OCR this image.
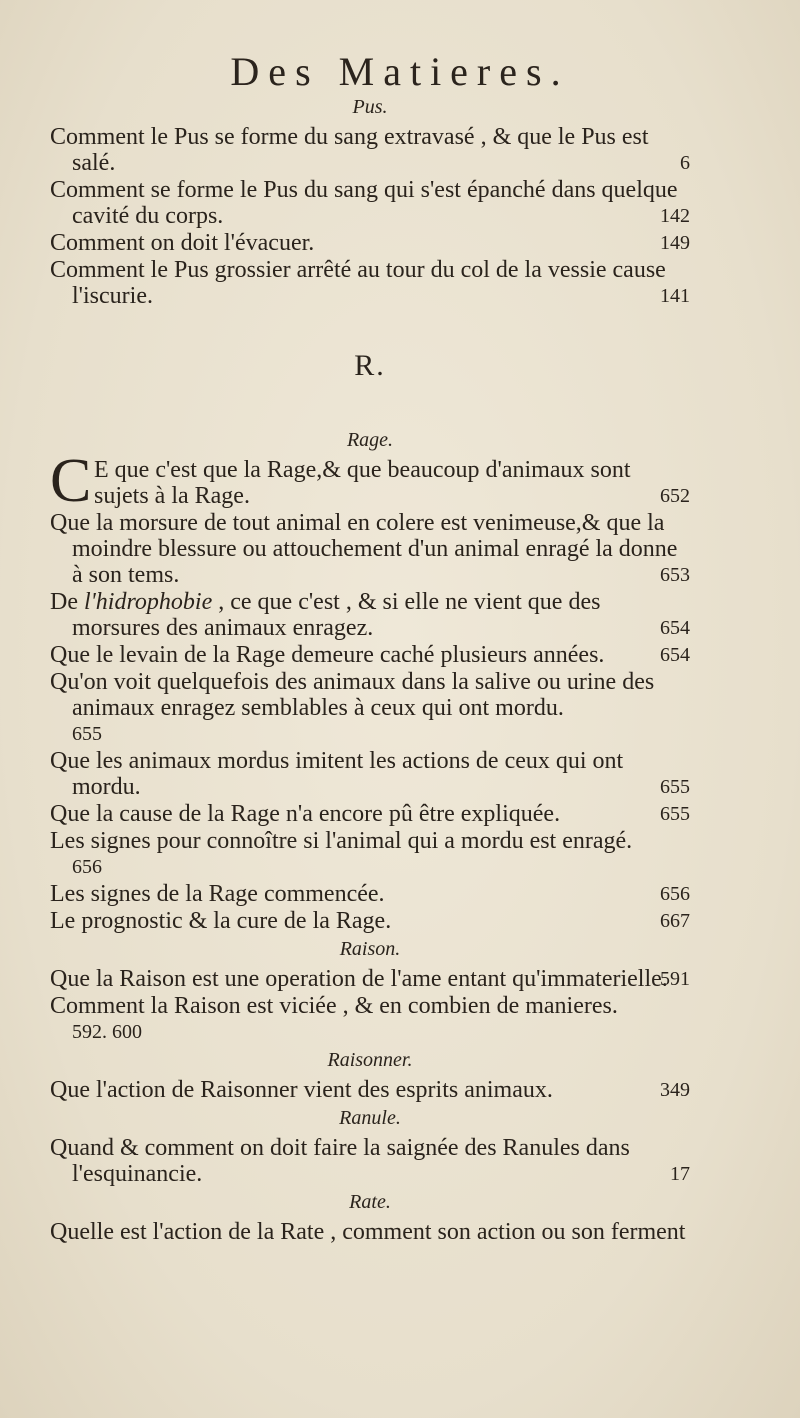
Des Matieres.
Pus.
Comment le Pus se forme du sang extravasé , & que le Pus est salé.	6
Comment se forme le Pus du sang qui s'est épanché dans quelque cavité du corps.	142
Comment on doit l'évacuer.	149
Comment le Pus grossier arrêté au tour du col de la vessie cause l'iscurie.	141
R.
Rage.
C E que c'est que la Rage,& que beaucoup d'animaux sont sujets à la Rage.	652
Que la morsure de tout animal en colere est venimeuse,& que la moindre blessure ou attouchement d'un animal enragé la donne à son tems.	653
De l'hidrophobie , ce que c'est , & si elle ne vient que des morsures des animaux enragez.	654
Que le levain de la Rage demeure caché plusieurs années.	654
Qu'on voit quelquefois des animaux dans la salive ou urine des animaux enragez semblables à ceux qui ont mordu.
655
Que les animaux mordus imitent les actions de ceux qui ont mordu.	655
Que la cause de la Rage n'a encore pû être expliquée.	655
Les signes pour connoître si l'animal qui a mordu est enragé.
656
Les signes de la Rage commencée.	656
Le prognostic & la cure de la Rage.	667
Raison.
Que la Raison est une operation de l'ame entant qu'immaterielle.
591
Comment la Raison est viciée , & en combien de manieres.
592. 600
Raisonner.
Que l'action de Raisonner vient des esprits animaux.	349
Ranule.
Quand & comment on doit faire la saignée des Ranules dans l'esquinancie.	17
Rate.
Quelle est l'action de la Rate , comment son action ou son ferment
